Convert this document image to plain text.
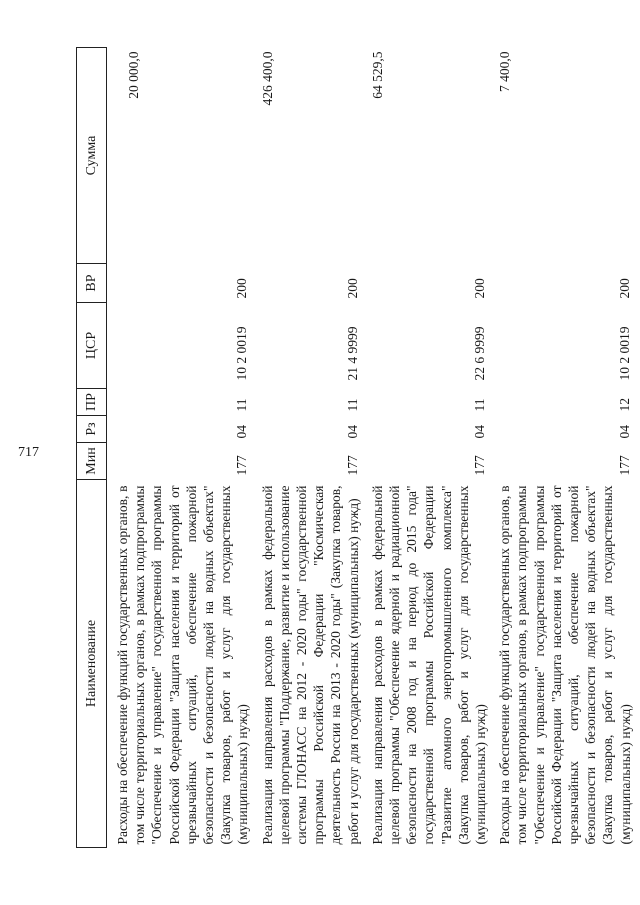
717
Наименование	Мин	Рз	ПР	ЦСР	ВР	Сумма
Расходы на обеспечение функций государственных органов, в том числе территориальных органов, в рамках подпрограммы "Обеспечение и управление" государственной программы Российской Федерации "Защита населения и территорий от чрезвычайных ситуаций, обеспечение пожарной безопасности и безопасности людей на водных объектах" (Закупка товаров, работ и услуг для государственных (муниципальных) нужд)	177	04	11	10 2 0019	200	20 000,0
Реализация направления расходов в рамках федеральной целевой программы "Поддержание, развитие и использование системы ГЛОНАСС на 2012 - 2020 годы" государственной программы Российской Федерации "Космическая деятельность России на 2013 - 2020 годы" (Закупка товаров, работ и услуг для государственных (муниципальных) нужд)	177	04	11	21 4 9999	200	426 400,0
Реализация направления расходов в рамках федеральной целевой программы "Обеспечение ядерной и радиационной безопасности на 2008 год и на период до 2015 года" государственной программы Российской Федерации "Развитие атомного энергопромышленного комплекса" (Закупка товаров, работ и услуг для государственных (муниципальных) нужд)	177	04	11	22 6 9999	200	64 529,5
Расходы на обеспечение функций государственных органов, в том числе территориальных органов, в рамках подпрограммы "Обеспечение и управление" государственной программы Российской Федерации "Защита населения и территорий от чрезвычайных ситуаций, обеспечение пожарной безопасности и безопасности людей на водных объектах" (Закупка товаров, работ и услуг для государственных (муниципальных) нужд)	177	04	12	10 2 0019	200	7 400,0
